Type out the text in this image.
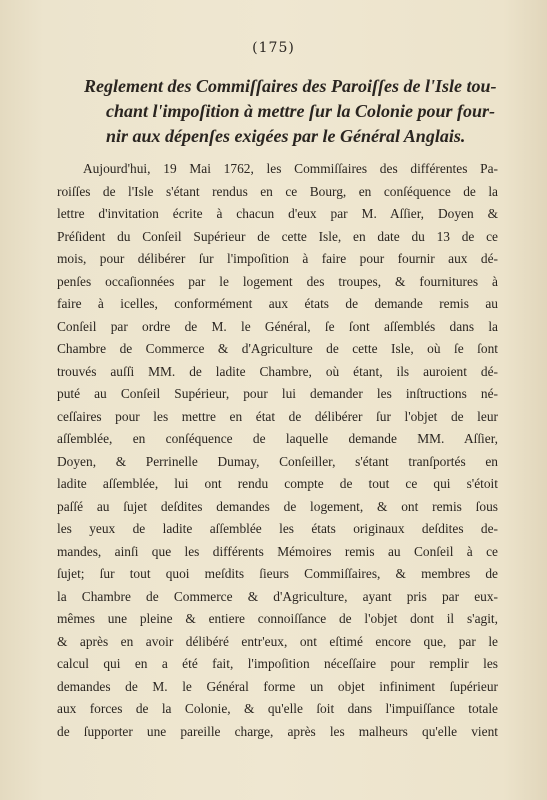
(175)
Reglement des Commiſſaires des Paroiſſes de l'Isle tou-
chant l'impoſition à mettre ſur la Colonie pour four-
nir aux dépenſes exigées par le Général Anglais.
Aujourd'hui, 19 Mai 1762, les Commiſſaires des différentes Pa-
roiſſes de l'Isle s'étant rendus en ce Bourg, en conſéquence de la
lettre d'invitation écrite à chacun d'eux par M. Aſſier, Doyen &
Préſident du Conſeil Supérieur de cette Isle, en date du 13 de ce
mois, pour délibérer ſur l'impoſition à faire pour fournir aux dé-
penſes occaſionnées par le logement des troupes, & fournitures à
faire à icelles, conformément aux états de demande remis au
Conſeil par ordre de M. le Général, ſe ſont aſſemblés dans la
Chambre de Commerce & d'Agriculture de cette Isle, où ſe ſont
trouvés auſſi MM. de ladite Chambre, où étant, ils auroient dé-
puté au Conſeil Supérieur, pour lui demander les inſtructions né-
ceſſaires pour les mettre en état de délibérer ſur l'objet de leur
aſſemblée, en conſéquence de laquelle demande MM. Aſſier,
Doyen, & Perrinelle Dumay, Conſeiller, s'étant tranſportés en
ladite aſſemblée, lui ont rendu compte de tout ce qui s'étoit
paſſé au ſujet deſdites demandes de logement, & ont remis ſous
les yeux de ladite aſſemblée les états originaux deſdites de-
mandes, ainſi que les différents Mémoires remis au Conſeil à ce
ſujet; ſur tout quoi meſdits ſieurs Commiſſaires, & membres de
la Chambre de Commerce & d'Agriculture, ayant pris par eux-
mêmes une pleine & entiere connoiſſance de l'objet dont il s'agit,
& après en avoir délibéré entr'eux, ont eſtimé encore que, par le
calcul qui en a été fait, l'impoſition néceſſaire pour remplir les
demandes de M. le Général forme un objet infiniment ſupérieur
aux forces de la Colonie, & qu'elle ſoit dans l'impuiſſance totale
de ſupporter une pareille charge, après les malheurs qu'elle vient
